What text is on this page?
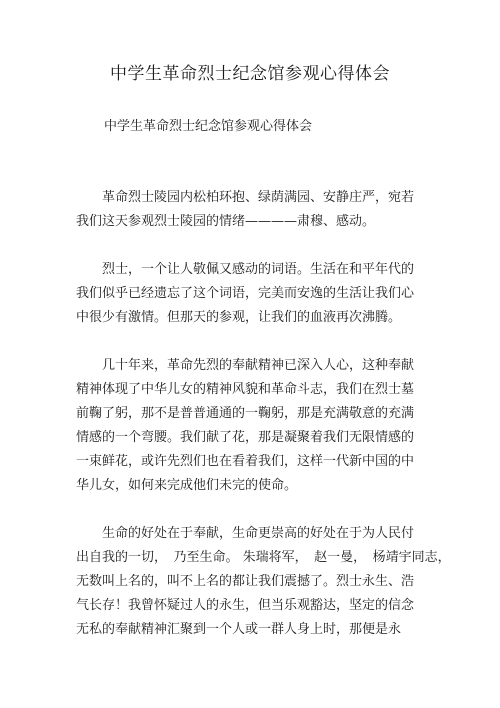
中学生革命烈士纪念馆参观心得体会

中学生革命烈士纪念馆参观心得体会

　　革命烈士陵园内松柏环抱、绿荫满园、安静庄严，宛若
我们这天参观烈士陵园的情绪————肃穆、感动。
　　烈士，一个让人敬佩又感动的词语。生活在和平年代的
我们似乎已经遗忘了这个词语，完美而安逸的生活让我们心
中很少有激情。但那天的参观，让我们的血液再次沸腾。
　　几十年来，革命先烈的奉献精神已深入人心，这种奉献
精神体现了中华儿女的精神风貌和革命斗志，我们在烈士墓
前鞠了躬，那不是普普通通的一鞠躬，那是充满敬意的充满
情感的一个弯腰。我们献了花，那是凝聚着我们无限情感的
一束鲜花，或许先烈们也在看着我们，这样一代新中国的中
华儿女，如何来完成他们未完的使命。
　　生命的好处在于奉献，生命更崇高的好处在于为人民付
出自我的一切，　乃至生命。 朱瑞将军，　赵一曼，　杨靖宇同志，
无数叫上名的，叫不上名的都让我们震撼了。烈士永生、浩
气长存！我曾怀疑过人的永生，但当乐观豁达，坚定的信念
无私的奉献精神汇聚到一个人或一群人身上时，那便是永
